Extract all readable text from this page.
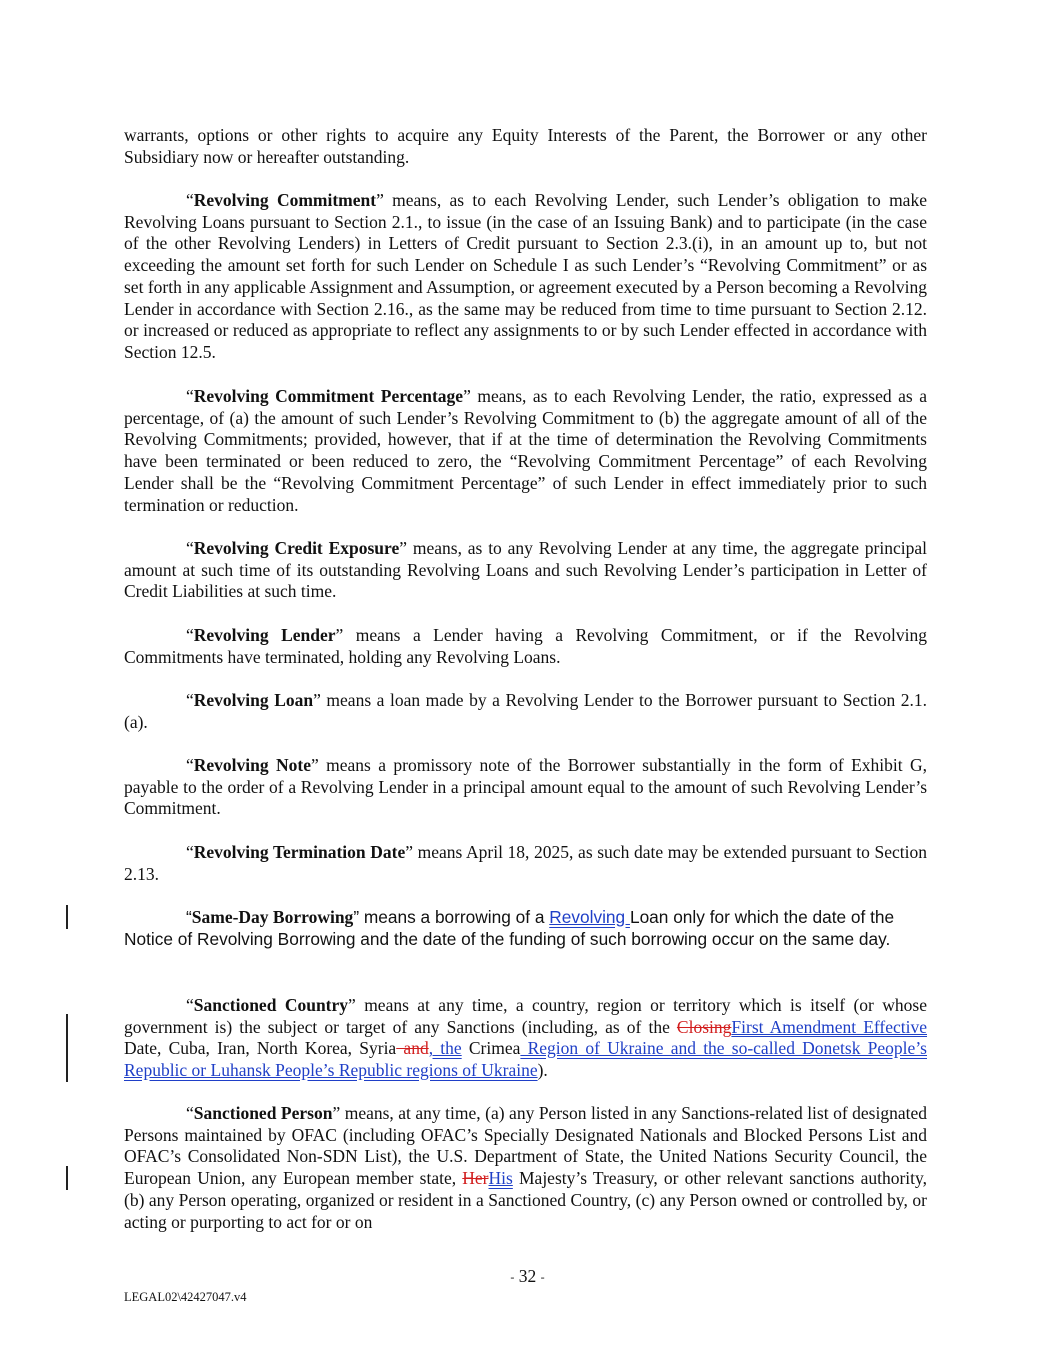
warrants, options or other rights to acquire any Equity Interests of the Parent, the Borrower or any other Subsidiary now or hereafter outstanding.

“Revolving Commitment” means, as to each Revolving Lender, such Lender’s obligation to make Revolving Loans pursuant to Section 2.1., to issue (in the case of an Issuing Bank) and to participate (in the case of the other Revolving Lenders) in Letters of Credit pursuant to Section 2.3.(i), in an amount up to, but not exceeding the amount set forth for such Lender on Schedule I as such Lender’s “Revolving Commitment” or as set forth in any applicable Assignment and Assumption, or agreement executed by a Person becoming a Revolving Lender in accordance with Section 2.16., as the same may be reduced from time to time pursuant to Section 2.12. or increased or reduced as appropriate to reflect any assignments to or by such Lender effected in accordance with Section 12.5.

“Revolving Commitment Percentage” means, as to each Revolving Lender, the ratio, expressed as a percentage, of (a) the amount of such Lender’s Revolving Commitment to (b) the aggregate amount of all of the Revolving Commitments; provided, however, that if at the time of determination the Revolving Commitments have been terminated or been reduced to zero, the “Revolving Commitment Percentage” of each Revolving Lender shall be the “Revolving Commitment Percentage” of such Lender in effect immediately prior to such termination or reduction.

“Revolving Credit Exposure” means, as to any Revolving Lender at any time, the aggregate principal amount at such time of its outstanding Revolving Loans and such Revolving Lender’s participation in Letter of Credit Liabilities at such time.

“Revolving Lender” means a Lender having a Revolving Commitment, or if the Revolving Commitments have terminated, holding any Revolving Loans.

“Revolving Loan” means a loan made by a Revolving Lender to the Borrower pursuant to Section 2.1.(a).

“Revolving Note” means a promissory note of the Borrower substantially in the form of Exhibit G, payable to the order of a Revolving Lender in a principal amount equal to the amount of such Revolving Lender’s Commitment.

“Revolving Termination Date” means April 18, 2025, as such date may be extended pursuant to Section 2.13.

“Same-Day Borrowing” means a borrowing of a Revolving Loan only for which the date of the Notice of Revolving Borrowing and the date of the funding of such borrowing occur on the same day.

“Sanctioned Country” means at any time, a country, region or territory which is itself (or whose government is) the subject or target of any Sanctions (including, as of the ClosingFirst Amendment Effective Date, Cuba, Iran, North Korea, Syria and, the Crimea Region of Ukraine and the so-called Donetsk People’s Republic or Luhansk People’s Republic regions of Ukraine).

“Sanctioned Person” means, at any time, (a) any Person listed in any Sanctions-related list of designated Persons maintained by OFAC (including OFAC’s Specially Designated Nationals and Blocked Persons List and OFAC’s Consolidated Non-SDN List), the U.S. Department of State, the United Nations Security Council, the European Union, any European member state, HerHis Majesty’s Treasury, or other relevant sanctions authority, (b) any Person operating, organized or resident in a Sanctioned Country, (c) any Person owned or controlled by, or acting or purporting to act for or on

- 32 -
LEGAL02\42427047.v4
